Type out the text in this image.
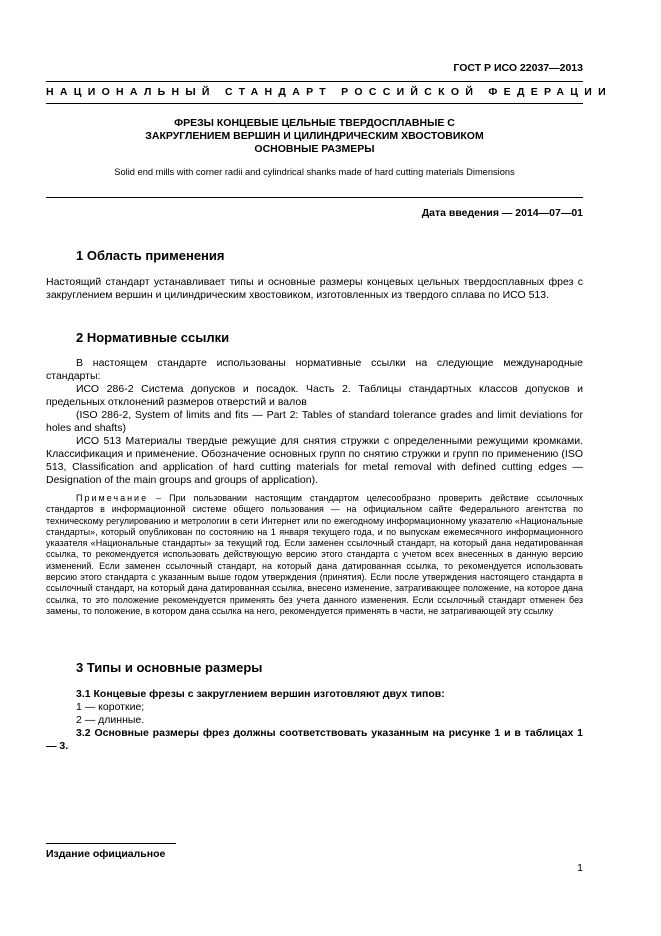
ГОСТ Р ИСО 22037—2013
НАЦИОНАЛЬНЫЙ СТАНДАРТ РОССИЙСКОЙ ФЕДЕРАЦИИ
ФРЕЗЫ КОНЦЕВЫЕ ЦЕЛЬНЫЕ ТВЕРДОСПЛАВНЫЕ С
ЗАКРУГЛЕНИЕМ ВЕРШИН И ЦИЛИНДРИЧЕСКИМ ХВОСТОВИКОМ
ОСНОВНЫЕ РАЗМЕРЫ
Solid end mills with corner radii and cylindrical shanks made of hard cutting materials Dimensions
Дата введения — 2014—07—01
1 Область применения

Настоящий стандарт устанавливает типы и основные размеры концевых цельных твердосплавных фрез с закруглением вершин и цилиндрическим хвостовиком, изготовленных из твердого сплава по ИСО 513.

2 Нормативные ссылки

В настоящем стандарте использованы нормативные ссылки на следующие международные стандарты:

ИСО 286-2 Система допусков и посадок. Часть 2. Таблицы стандартных классов допусков и предельных отклонений размеров отверстий и валов

(ISO 286-2, System of limits and fits — Part 2: Tables of standard tolerance grades and limit deviations for holes and shafts)

ИСО 513 Материалы твердые режущие для снятия стружки с определенными режущими кромками. Классификация и применение. Обозначение основных групп по снятию стружки и групп по применению (ISO 513, Classification and application of hard cutting materials for metal removal with defined cutting edges — Designation of the main groups and groups of application).

Примечание – При пользовании настоящим стандартом целесообразно проверить действие ссылочных стандартов в информационной системе общего пользования — на официальном сайте Федерального агентства по техническому регулированию и метрологии в сети Интернет или по ежегодному информационному указателю «Национальные стандарты», который опубликован по состоянию на 1 января текущего года, и по выпускам ежемесячного информационного указателя «Национальные стандарты» за текущий год. Если заменен ссылочный стандарт, на который дана недатированная ссылка, то рекомендуется использовать действующую версию этого стандарта с учетом всех внесенных в данную версию изменений. Если заменен ссылочный стандарт, на который дана датированная ссылка, то рекомендуется использовать версию этого стандарта с указанным выше годом утверждения (принятия). Если после утверждения настоящего стандарта в ссылочный стандарт, на который дана датированная ссылка, внесено изменение, затрагивающее положение, на которое дана ссылка, то это положение рекомендуется применять без учета данного изменения. Если ссылочный стандарт отменен без замены, то положение, в котором дана ссылка на него, рекомендуется применять в части, не затрагивающей эту ссылку
3 Типы и основные размеры

3.1 Концевые фрезы с закруглением вершин изготовляют двух типов:

1 — короткие;

2 — длинные.

3.2 Основные размеры фрез должны соответствовать указанным на рисунке 1 и в таблицах 1 — 3.

Издание официальное
1
